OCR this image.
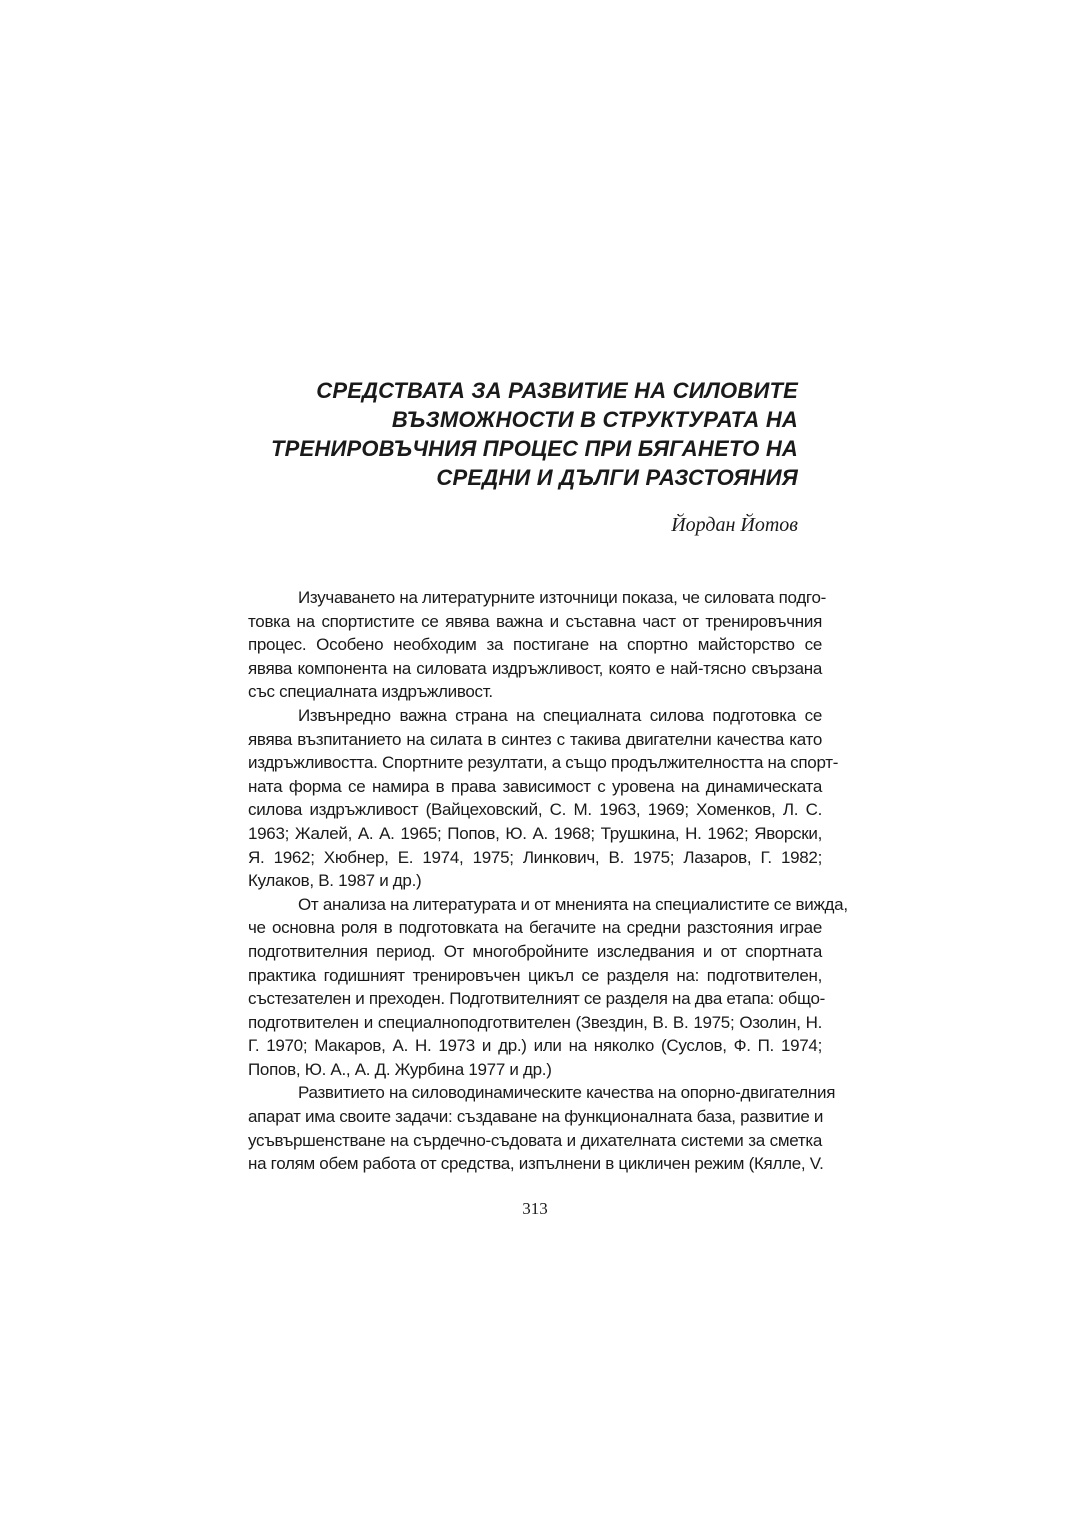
СРЕДСТВАТА ЗА РАЗВИТИЕ НА СИЛОВИТЕ
ВЪЗМОЖНОСТИ В СТРУКТУРАТА НА
ТРЕНИРОВЪЧНИЯ ПРОЦЕС ПРИ БЯГАНЕТО НА
СРЕДНИ И ДЪЛГИ РАЗСТОЯНИЯ
Йордан Йотов
Изучаването на литературните източници показа, че силовата подго-
товка на спортистите се явява важна и съставна част от тренировъчния
процес. Особено необходим за постигане на спортно майсторство се
явява компонента на силовата издръжливост, която е най-тясно свързана
със специалната издръжливост.
Извънредно важна страна на специалната силова подготовка се
явява възпитанието на силата в синтез с такива двигателни качества като
издръжливостта. Спортните резултати, а също продължителността на спорт-
ната форма се намира в права зависимост с уровена на динамическата
силова издръжливост (Вайцеховский, С. М. 1963, 1969; Хоменков, Л. С.
1963; Жалей, А. А. 1965; Попов, Ю. А. 1968; Трушкина, Н. 1962; Яворски,
Я. 1962; Хюбнер, Е. 1974, 1975; Линкович, В. 1975; Лазаров, Г. 1982;
Кулаков, В. 1987 и др.)
От анализа на литературата и от мненията на специалистите се вижда,
че основна роля в подготовката на бегачите на средни разстояния играе
подготвителния период. От многобройните изследвания и от спортната
практика годишният тренировъчен цикъл се разделя на: подготвителен,
състезателен и преходен. Подготвителният се разделя на два етапа: общо-
подготвителен и специалноподготвителен (Звездин, В. В. 1975; Озолин, Н.
Г. 1970; Макаров, А. Н. 1973 и др.) или на няколко (Суслов, Ф. П. 1974;
Попов, Ю. А., А. Д. Журбина 1977 и др.)
Развитието на силоводинамическите качества на опорно-двигателния
апарат има своите задачи: създаване на функционалната база, развитие и
усъвършенстване на сърдечно-съдовата и дихателната системи за сметка
на голям обем работа от средства, изпълнени в цикличен режим (Кялле, V.
313
